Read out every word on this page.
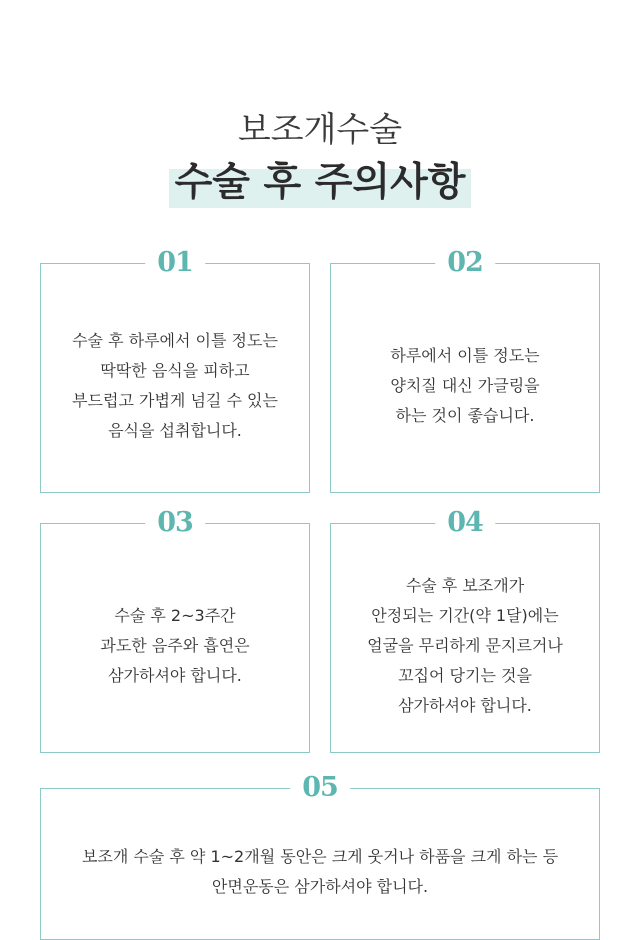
보조개수술
수술 후 주의사항
01
수술 후 하루에서 이틀 정도는
딱딱한 음식을 피하고
부드럽고 가볍게 넘길 수 있는
음식을 섭취합니다.
02
하루에서 이틀 정도는
양치질 대신 가글링을
하는 것이 좋습니다.
03
수술 후 2~3주간
과도한 음주와 흡연은
삼가하셔야 합니다.
04
수술 후 보조개가
안정되는 기간(약 1달)에는
얼굴을 무리하게 문지르거나
꼬집어 당기는 것을
삼가하셔야 합니다.
05
보조개 수술 후 약 1~2개월 동안은 크게 웃거나 하품을 크게 하는 등
안면운동은 삼가하셔야 합니다.
